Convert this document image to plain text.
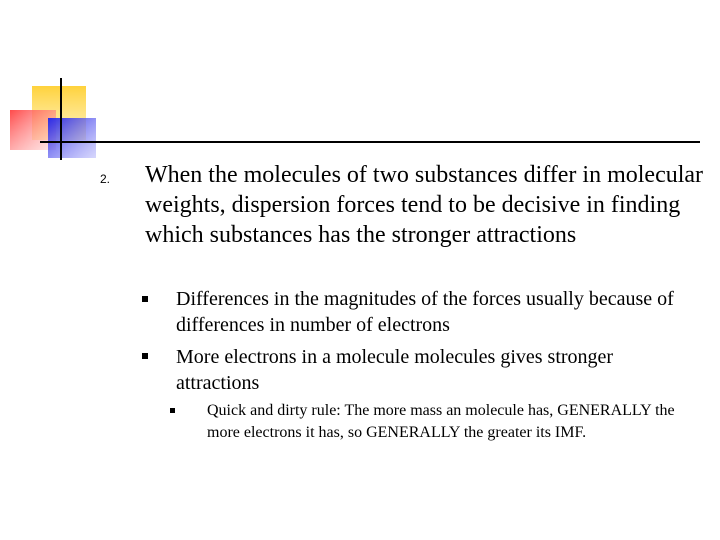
2. When the molecules of two substances differ in molecular weights, dispersion forces tend to be decisive in finding which substances has the stronger attractions

Differences in the magnitudes of the forces usually because of differences in number of electrons

More electrons in a molecule molecules gives stronger attractions

Quick and dirty rule: The more mass an molecule has, GENERALLY the more electrons it has, so GENERALLY the greater its IMF.
